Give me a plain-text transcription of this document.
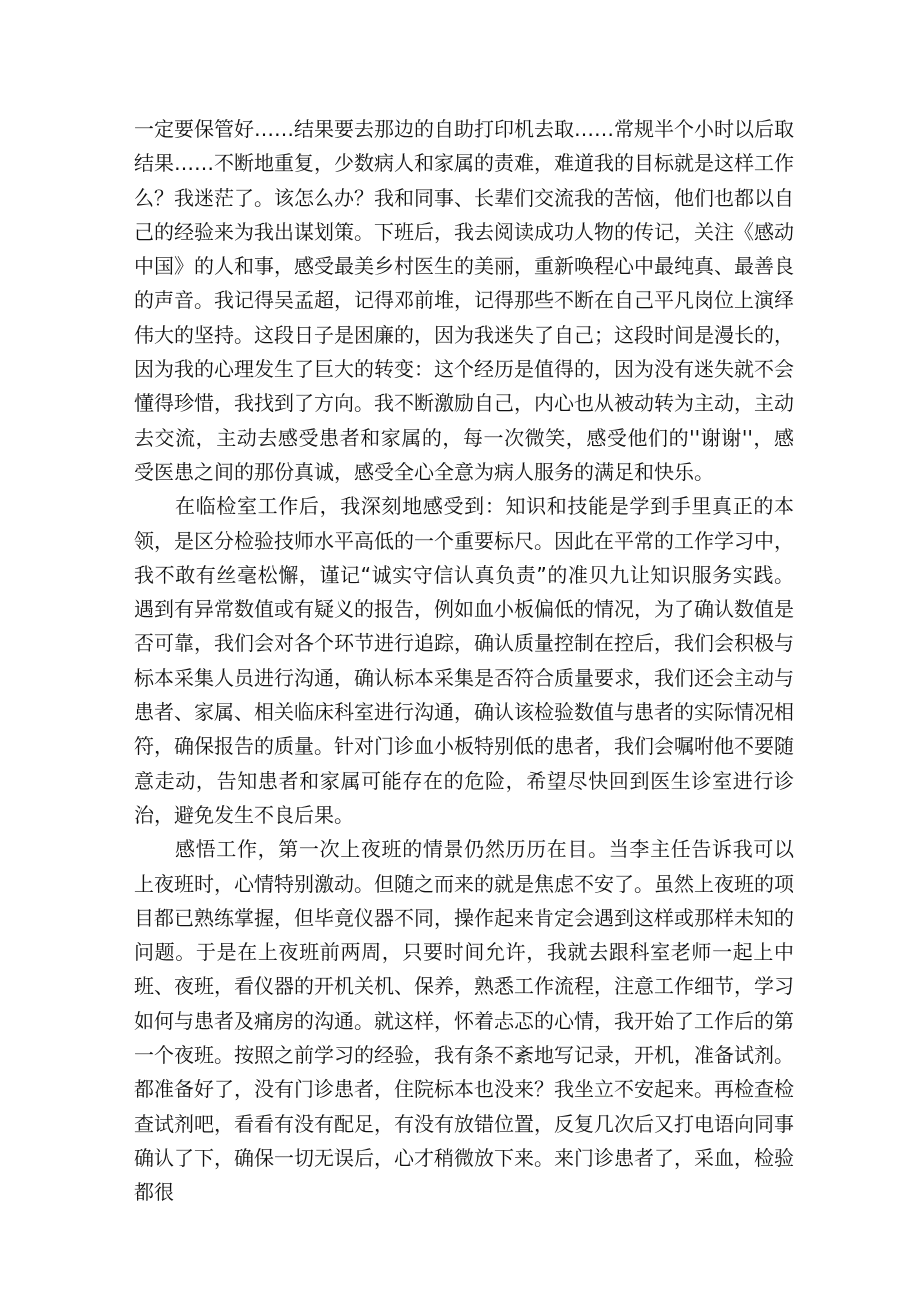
一定要保管好……结果要去那边的自助打印机去取……常规半个小时以后取结果……不断地重复，少数病人和家属的责难，难道我的目标就是这样工作么？我迷茫了。该怎么办？我和同事、长辈们交流我的苦恼，他们也都以自己的经验来为我出谋划策。下班后，我去阅读成功人物的传记，关注《感动中国》的人和事，感受最美乡村医生的美丽，重新唤程心中最纯真、最善良的声音。我记得吴孟超，记得邓前堆，记得那些不断在自己平凡岗位上演绎伟大的坚持。这段日子是困廉的，因为我迷失了自己；这段时间是漫长的，因为我的心理发生了巨大的转变：这个经历是值得的，因为没有迷失就不会懂得珍惜，我找到了方向。我不断激励自己，内心也从被动转为主动，主动去交流，主动去感受患者和家属的，每一次微笑，感受他们的''谢谢''，感受医患之间的那份真诚，感受全心全意为病人服务的满足和快乐。

在临检室工作后，我深刻地感受到：知识和技能是学到手里真正的本领，是区分检验技师水平高低的一个重要标尺。因此在平常的工作学习中，我不敢有丝毫松懈，谨记“诚实守信认真负责”的准贝九让知识服务实践。遇到有异常数值或有疑义的报告，例如血小板偏低的情况，为了确认数值是否可靠，我们会对各个环节进行追踪，确认质量控制在控后，我们会积极与标本采集人员进行沟通，确认标本采集是否符合质量要求，我们还会主动与患者、家属、相关临床科室进行沟通，确认该检验数值与患者的实际情况相符，确保报告的质量。针对门诊血小板特别低的患者，我们会嘱咐他不要随意走动，告知患者和家属可能存在的危险，希望尽快回到医生诊室进行诊治，避免发生不良后果。

感悟工作，第一次上夜班的情景仍然历历在目。当李主任告诉我可以上夜班时，心情特别激动。但随之而来的就是焦虑不安了。虽然上夜班的项目都已熟练掌握，但毕竟仪器不同，操作起来肯定会遇到这样或那样未知的问题。于是在上夜班前两周，只要时间允许，我就去跟科室老师一起上中班、夜班，看仪器的开机关机、保养，熟悉工作流程，注意工作细节，学习如何与患者及痛房的沟通。就这样，怀着忐忑的心情，我开始了工作后的第一个夜班。按照之前学习的经验，我有条不紊地写记录，开机，准备试剂。都准备好了，没有门诊患者，住院标本也没来？我坐立不安起来。再检查检查试剂吧，看看有没有配足，有没有放错位置，反复几次后又打电语向同事确认了下，确保一切无误后，心才稍微放下来。来门诊患者了，采血，检验都很
